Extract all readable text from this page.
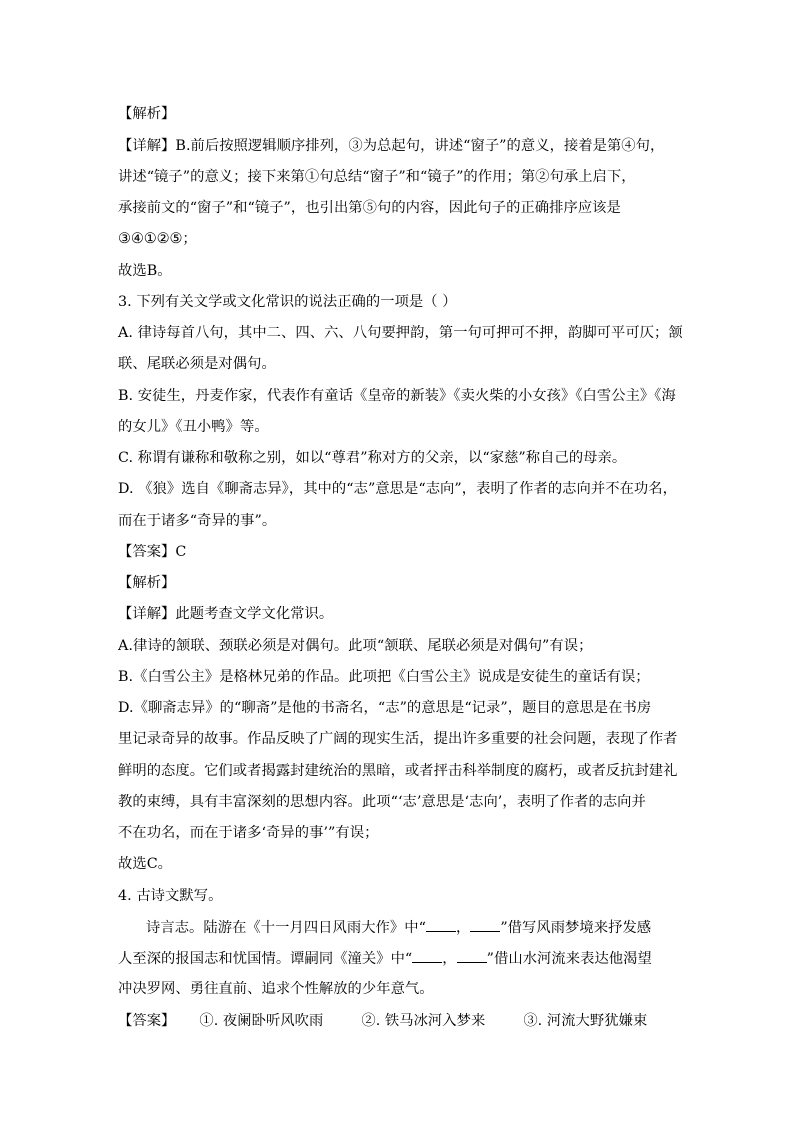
【解析】
【详解】B.前后按照逻辑顺序排列，③为总起句，讲述“窗子”的意义，接着是第④句，
讲述“镜子”的意义；接下来第①句总结“窗子”和“镜子”的作用；第②句承上启下，
承接前文的“窗子”和“镜子”，也引出第⑤句的内容，因此句子的正确排序应该是
③④①②⑤；
故选B。
3. 下列有关文学或文化常识的说法正确的一项是（ ）
A. 律诗每首八句，其中二、四、六、八句要押韵，第一句可押可不押，韵脚可平可仄；颔
联、尾联必须是对偶句。
B. 安徒生，丹麦作家，代表作有童话《皇帝的新装》《卖火柴的小女孩》《白雪公主》《海
的女儿》《丑小鸭》等。
C. 称谓有谦称和敬称之别，如以“尊君”称对方的父亲，以“家慈”称自己的母亲。
D. 《狼》选自《聊斋志异》，其中的“志”意思是“志向”，表明了作者的志向并不在功名，
而在于诸多“奇异的事”。
【答案】C
【解析】
【详解】此题考查文学文化常识。
A.律诗的颔联、颈联必须是对偶句。此项“颔联、尾联必须是对偶句”有误；
B.《白雪公主》是格林兄弟的作品。此项把《白雪公主》说成是安徒生的童话有误；
D.《聊斋志异》的“聊斋”是他的书斋名，“志”的意思是“记录”，题目的意思是在书房
里记录奇异的故事。作品反映了广阔的现实生活，提出许多重要的社会问题，表现了作者
鲜明的态度。它们或者揭露封建统治的黑暗，或者抨击科举制度的腐朽，或者反抗封建礼
教的束缚，具有丰富深刻的思想内容。此项“‘志’意思是‘志向’，表明了作者的志向并
不在功名，而在于诸多‘奇异的事’”有误；
故选C。
4. 古诗文默写。
诗言志。陆游在《十一月四日风雨大作》中“ ， ”借写风雨梦境来抒发感
人至深的报国志和忧国情。谭嗣同《潼关》中“ ， ”借山水河流来表达他渴望
冲决罗网、勇往直前、追求个性解放的少年意气。
【答案】 ①. 夜阑卧听风吹雨	②. 铁马冰河入梦来	③. 河流大野犹嫌束
